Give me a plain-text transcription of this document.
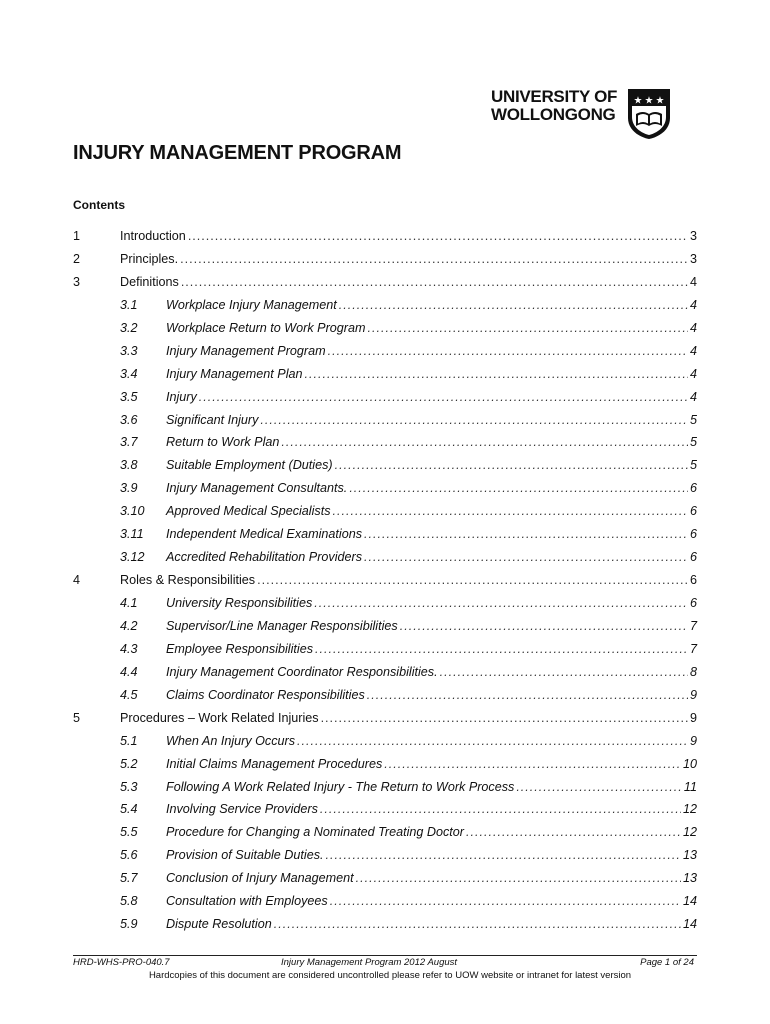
UNIVERSITY OF
WOLLONGONG
★ ★ ★
INJURY MANAGEMENT PROGRAM
Contents
1	Introduction .....	3
2	Principles. .....	3
3	Definitions .....	4
3.1 Workplace Injury Management .....	4
3.2 Workplace Return to Work Program .....	4
3.3 Injury Management Program .....	4
3.4 Injury Management Plan .....	4
3.5 Injury .....	4
3.6 Significant Injury .....	5
3.7 Return to Work Plan .....	5
3.8 Suitable Employment (Duties) .....	5
3.9 Injury Management Consultants. .....	6
3.10 Approved Medical Specialists .....	6
3.11 Independent Medical Examinations .....	6
3.12 Accredited Rehabilitation Providers .....	6
4	Roles & Responsibilities .....	6
4.1 University Responsibilities .....	6
4.2 Supervisor/Line Manager Responsibilities .....	7
4.3 Employee Responsibilities .....	7
4.4 Injury Management Coordinator Responsibilities. .....	8
4.5 Claims Coordinator Responsibilities .....	9
5	Procedures – Work Related Injuries .....	9
5.1 When An Injury Occurs .....	9
5.2 Initial Claims Management Procedures .....	10
5.3 Following A Work Related Injury - The Return to Work Process .....	11
5.4 Involving Service Providers .....	12
5.5 Procedure for Changing a Nominated Treating Doctor .....	12
5.6 Provision of Suitable Duties. .....	13
5.7 Conclusion of Injury Management .....	13
5.8 Consultation with Employees .....	14
5.9 Dispute Resolution .....	14
HRD-WHS-PRO-040.7	Injury Management Program 2012 August	Page 1 of 24
Hardcopies of this document are considered uncontrolled please refer to UOW website or intranet for latest version
